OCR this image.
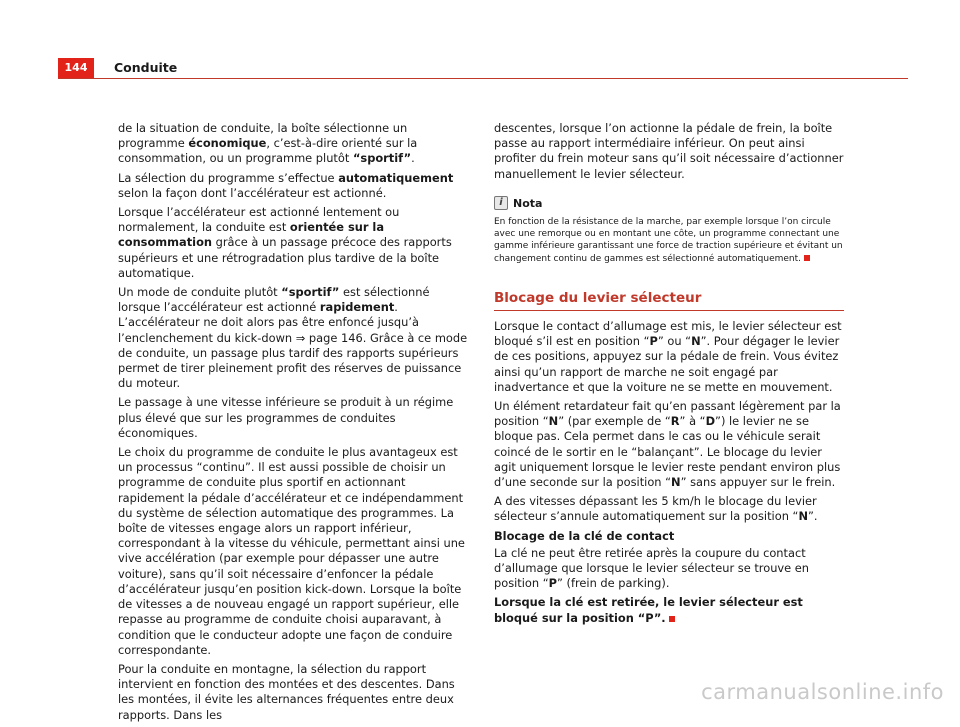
144	Conduite

de la situation de conduite, la boîte sélectionne un programme économique, c’est-à-dire orienté sur la consommation, ou un programme plutôt “sportif”.

La sélection du programme s’effectue automatiquement selon la façon dont l’accélérateur est actionné.

Lorsque l’accélérateur est actionné lentement ou normalement, la conduite est orientée sur la consommation grâce à un passage précoce des rapports supérieurs et une rétrogradation plus tardive de la boîte automatique.

Un mode de conduite plutôt “sportif” est sélectionné lorsque l’accélérateur est actionné rapidement. L’accélérateur ne doit alors pas être enfoncé jusqu’à l’enclenchement du kick-down ⇒ page 146. Grâce à ce mode de conduite, un passage plus tardif des rapports supérieurs permet de tirer pleinement profit des réserves de puissance du moteur.

Le passage à une vitesse inférieure se produit à un régime plus élevé que sur les programmes de conduites économiques.

Le choix du programme de conduite le plus avantageux est un processus “continu”. Il est aussi possible de choisir un programme de conduite plus sportif en actionnant rapidement la pédale d’accélérateur et ce indépendamment du système de sélection automatique des programmes. La boîte de vitesses engage alors un rapport inférieur, correspondant à la vitesse du véhicule, permettant ainsi une vive accélération (par exemple pour dépasser une autre voiture), sans qu’il soit nécessaire d’enfoncer la pédale d’accélérateur jusqu’en position kick-down. Lorsque la boîte de vitesses a de nouveau engagé un rapport supérieur, elle repasse au programme de conduite choisi auparavant, à condition que le conducteur adopte une façon de conduire correspondante.

Pour la conduite en montagne, la sélection du rapport intervient en fonction des montées et des descentes. Dans les montées, il évite les alternances fréquentes entre deux rapports. Dans les

descentes, lorsque l’on actionne la pédale de frein, la boîte passe au rapport intermédiaire inférieur. On peut ainsi profiter du frein moteur sans qu’il soit nécessaire d’actionner manuellement le levier sélecteur.

i Nota
En fonction de la résistance de la marche, par exemple lorsque l’on circule avec une remorque ou en montant une côte, un programme connectant une gamme inférieure garantissant une force de traction supérieure et évitant un changement continu de gammes est sélectionné automatiquement.
Blocage du levier sélecteur

Lorsque le contact d’allumage est mis, le levier sélecteur est bloqué s’il est en position “P” ou “N”. Pour dégager le levier de ces positions, appuyez sur la pédale de frein. Vous évitez ainsi qu’un rapport de marche ne soit engagé par inadvertance et que la voiture ne se mette en mouvement.

Un élément retardateur fait qu’en passant légèrement par la position “N” (par exemple de “R” à “D”) le levier ne se bloque pas. Cela permet dans le cas ou le véhicule serait coincé de le sortir en le “balançant”. Le blocage du levier agit uniquement lorsque le levier reste pendant environ plus d’une seconde sur la position “N” sans appuyer sur le frein.

A des vitesses dépassant les 5 km/h le blocage du levier sélecteur s’annule automatiquement sur la position “N”.

Blocage de la clé de contact

La clé ne peut être retirée après la coupure du contact d’allumage que lorsque le levier sélecteur se trouve en position “P” (frein de parking).

Lorsque la clé est retirée, le levier sélecteur est bloqué sur la position “P”.

carmanualsonline.info
